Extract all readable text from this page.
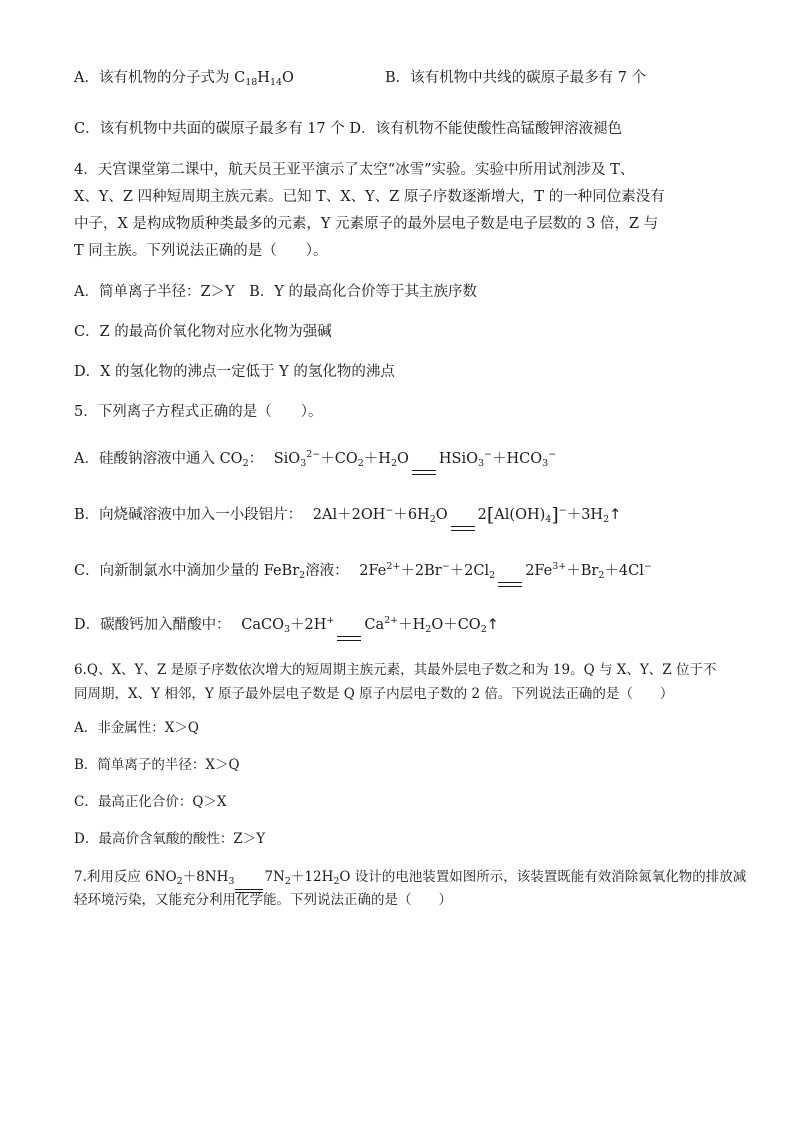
A．该有机物的分子式为 $C_{18}H_{14}O$	B．该有机物中共线的碳原子最多有 7 个
C．该有机物中共面的碳原子最多有 17 个 D．该有机物不能使酸性高锰酸钾溶液褪色
4．天宫课堂第二课中，航天员王亚平演示了太空“冰雪”实验。实验中所用试剂涉及 T、
X、Y、Z 四种短周期主族元素。已知 T、X、Y、Z 原子序数逐渐增大，T 的一种同位素没有
中子，X 是构成物质种类最多的元素，Y 元素原子的最外层电子数是电子层数的 3 倍，Z 与
T 同主族。下列说法正确的是（　　）。
A．简单离子半径：Z＞Y　B．Y 的最高化合价等于其主族序数
C．Z 的最高价氧化物对应水化物为强碱
D．X 的氢化物的沸点一定低于 Y 的氢化物的沸点
5．下列离子方程式正确的是（　　）。
A．硅酸钠溶液中通入 $CO_2$： $SiO_3^{2-}+CO_2+H_2O$ $HSiO_3^-+HCO_3^-$
B．向烧碱溶液中加入一小段铝片： $2Al+2OH^-+6H_2O$ $2[Al(OH)_4]^-+3H_2↑$
C．向新制氯水中滴加少量的 FeBr$_2$溶液： $2Fe^{2+}+2Br^-+2Cl_2$ $2Fe^{3+}+Br_2+4Cl^-$
D．碳酸钙加入醋酸中： CaCO$_3$＋2H+ $Ca^{2+}+H_2O+CO_2↑$
6.Q、X、Y、Z 是原子序数依次增大的短周期主族元素，其最外层电子数之和为 19。Q 与 X、Y、Z 位于不
同周期，X、Y 相邻，Y 原子最外层电子数是 Q 原子内层电子数的 2 倍。下列说法正确的是（　　）
A．非金属性：X＞Q
B．简单离子的半径：X＞Q
C．最高正化合价：Q＞X
D．最高价含氧酸的酸性：Z＞Y
7.利用反应 $6NO_2+8NH_3$ $7N_2+12H_2O$ 设计的电池装置如图所示，该装置既能有效消除氮氧化物的排放减
轻环境污染，又能充分利用化学能。下列说法正确的是（　　）
